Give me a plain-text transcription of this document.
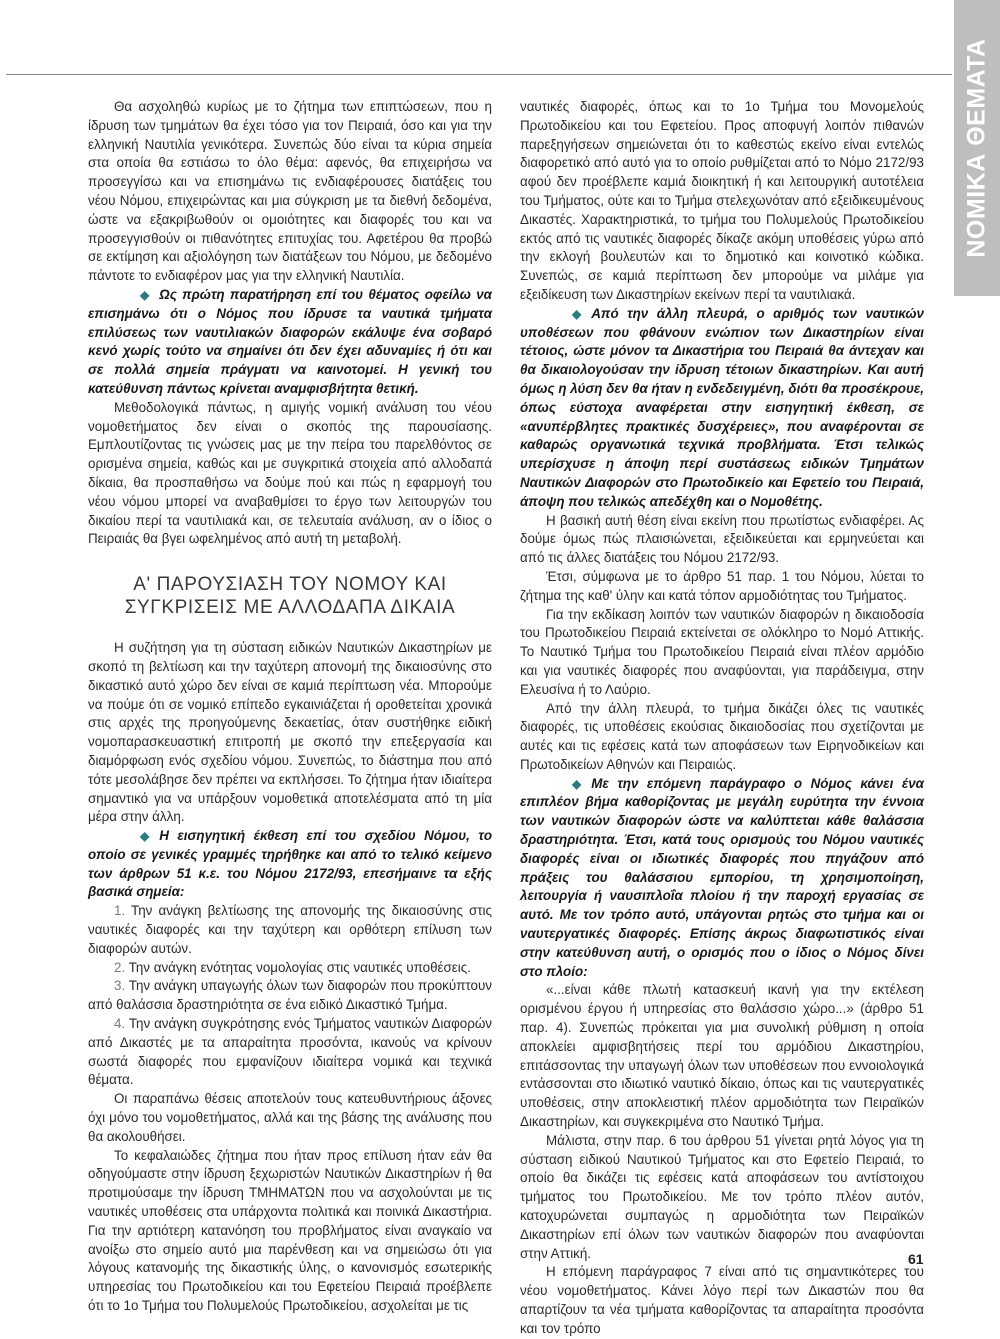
ΝΟΜΙΚΑ ΘΕΜΑΤΑ

Θα ασχοληθώ κυρίως με το ζήτημα των επιπτώσεων, που η ίδρυση των τμημάτων θα έχει τόσο για τον Πειραιά, όσο και για την ελληνική Ναυτιλία γενικότερα. Συνεπώς δύο είναι τα κύρια σημεία στα οποία θα εστιάσω το όλο θέμα: αφενός, θα επιχειρήσω να προσεγγίσω και να επισημάνω τις ενδιαφέρουσες διατάξεις του νέου Νόμου, επιχειρώντας και μια σύγκριση με τα διεθνή δεδομένα, ώστε να εξακριβωθούν οι ομοιότητες και διαφορές του και να προσεγγισθούν οι πιθανότητες επιτυχίας του. Αφετέρου θα προβώ σε εκτίμηση και αξιολόγηση των διατάξεων του Νόμου, με δεδομένο πάντοτε το ενδιαφέρον μας για την ελληνική Ναυτιλία.

◆ Ως πρώτη παρατήρηση επί του θέματος οφείλω να επισημάνω ότι ο Νόμος που ίδρυσε τα ναυτικά τμήματα επιλύσεως των ναυτιλιακών διαφορών εκάλυψε ένα σοβαρό κενό χωρίς τούτο να σημαίνει ότι δεν έχει αδυναμίες ή ότι και σε πολλά σημεία πράγματι να καινοτομεί. Η γενική του κατεύθυνση πάντως κρίνεται αναμφισβήτητα θετική.

Μεθοδολογικά πάντως, η αμιγής νομική ανάλυση του νέου νομοθετήματος δεν είναι ο σκοπός της παρουσίασης. Εμπλουτίζοντας τις γνώσεις μας με την πείρα του παρελθόντος σε ορισμένα σημεία, καθώς και με συγκριτικά στοιχεία από αλλοδαπά δίκαια, θα προσπαθήσω να δούμε πού και πώς η εφαρμογή του νέου νόμου μπορεί να αναβαθμίσει το έργο των λειτουργών του δικαίου περί τα ναυτιλιακά και, σε τελευταία ανάλυση, αν ο ίδιος ο Πειραιάς θα βγει ωφελημένος από αυτή τη μεταβολή.

Α' ΠΑΡΟΥΣΙΑΣΗ ΤΟΥ ΝΟΜΟΥ ΚΑΙ
ΣΥΓΚΡΙΣΕΙΣ ΜΕ ΑΛΛΟΔΑΠΑ ΔΙΚΑΙΑ

Η συζήτηση για τη σύσταση ειδικών Ναυτικών Δικαστηρίων με σκοπό τη βελτίωση και την ταχύτερη απονομή της δικαιοσύνης στο δικαστικό αυτό χώρο δεν είναι σε καμιά περίπτωση νέα. Μπορούμε να πούμε ότι σε νομικό επίπεδο εγκαινιάζεται ή οροθετείται χρονικά στις αρχές της προηγούμενης δεκαετίας, όταν συστήθηκε ειδική νομοπαρασκευαστική επιτροπή με σκοπό την επεξεργασία και διαμόρφωση ενός σχεδίου νόμου. Συνεπώς, το διάστημα που από τότε μεσολάβησε δεν πρέπει να εκπλήσσει. Το ζήτημα ήταν ιδιαίτερα σημαντικό για να υπάρξουν νομοθετικά αποτελέσματα από τη μία μέρα στην άλλη.

◆ Η εισηγητική έκθεση επί του σχεδίου Νόμου, το οποίο σε γενικές γραμμές τηρήθηκε και από το τελικό κείμενο των άρθρων 51 κ.ε. του Νόμου 2172/93, επεσήμαινε τα εξής βασικά σημεία:

1. Την ανάγκη βελτίωσης της απονομής της δικαιοσύνης στις ναυτικές διαφορές και την ταχύτερη και ορθότερη επίλυση των διαφορών αυτών.

2. Την ανάγκη ενότητας νομολογίας στις ναυτικές υποθέσεις.

3. Την ανάγκη υπαγωγής όλων των διαφορών που προκύπτουν από θαλάσσια δραστηριότητα σε ένα ειδικό Δικαστικό Τμήμα.

4. Την ανάγκη συγκρότησης ενός Τμήματος ναυτικών Διαφορών από Δικαστές με τα απαραίτητα προσόντα, ικανούς να κρίνουν σωστά διαφορές που εμφανίζουν ιδιαίτερα νομικά και τεχνικά θέματα.

Οι παραπάνω θέσεις αποτελούν τους κατευθυντήριους άξονες όχι μόνο του νομοθετήματος, αλλά και της βάσης της ανάλυσης που θα ακολουθήσει.

Το κεφαλαιώδες ζήτημα που ήταν προς επίλυση ήταν εάν θα οδηγούμαστε στην ίδρυση ξεχωριστών Ναυτικών Δικαστηρίων ή θα προτιμούσαμε την ίδρυση ΤΜΗΜΑΤΩΝ που να ασχολούνται με τις ναυτικές υποθέσεις στα υπάρχοντα πολιτικά και ποινικά Δικαστήρια. Για την αρτιότερη κατανόηση του προβλήματος είναι αναγκαίο να ανοίξω στο σημείο αυτό μια παρένθεση και να σημειώσω ότι για λόγους κατανομής της δικαστικής ύλης, ο κανονισμός εσωτερικής υπηρεσίας του Πρωτοδικείου και του Εφετείου Πειραιά προέβλεπε ότι το 1ο Τμήμα του Πολυμελούς Πρωτοδικείου, ασχολείται με τις

ναυτικές διαφορές, όπως και το 1ο Τμήμα του Μονομελούς Πρωτοδικείου και του Εφετείου. Προς αποφυγή λοιπόν πιθανών παρεξηγήσεων σημειώνεται ότι το καθεστώς εκείνο είναι εντελώς διαφορετικό από αυτό για το οποίο ρυθμίζεται από το Νόμο 2172/93 αφού δεν προέβλεπε καμιά διοικητική ή και λειτουργική αυτοτέλεια του Τμήματος, ούτε και το Τμήμα στελεχωνόταν από εξειδικευμένους Δικαστές. Χαρακτηριστικά, το τμήμα του Πολυμελούς Πρωτοδικείου εκτός από τις ναυτικές διαφορές δίκαζε ακόμη υποθέσεις γύρω από την εκλογή βουλευτών και το δημοτικό και κοινοτικό κώδικα. Συνεπώς, σε καμιά περίπτωση δεν μπορούμε να μιλάμε για εξειδίκευση των Δικαστηρίων εκείνων περί τα ναυτιλιακά.

◆ Από την άλλη πλευρά, ο αριθμός των ναυτικών υποθέσεων που φθάνουν ενώπιον των Δικαστηρίων είναι τέτοιος, ώστε μόνον τα Δικαστήρια του Πειραιά θα άντεχαν και θα δικαιολογούσαν την ίδρυση τέτοιων δικαστηρίων. Και αυτή όμως η λύση δεν θα ήταν η ενδεδειγμένη, διότι θα προσέκρουε, όπως εύστοχα αναφέρεται στην εισηγητική έκθεση, σε «ανυπέρβλητες πρακτικές δυσχέρειες», που αναφέρονται σε καθαρώς οργανωτικά τεχνικά προβλήματα. Έτσι τελικώς υπερίσχυσε η άποψη περί συστάσεως ειδικών Τμημάτων Ναυτικών Διαφορών στο Πρωτοδικείο και Εφετείο του Πειραιά, άποψη που τελικώς απεδέχθη και ο Νομοθέτης.

Η βασική αυτή θέση είναι εκείνη που πρωτίστως ενδιαφέρει. Ας δούμε όμως πώς πλαισιώνεται, εξειδικεύεται και ερμηνεύεται και από τις άλλες διατάξεις του Νόμου 2172/93.

Έτσι, σύμφωνα με το άρθρο 51 παρ. 1 του Νόμου, λύεται το ζήτημα της καθ' ύλην και κατά τόπον αρμοδιότητας του Τμήματος.

Για την εκδίκαση λοιπόν των ναυτικών διαφορών η δικαιοδοσία του Πρωτοδικείου Πειραιά εκτείνεται σε ολόκληρο το Νομό Αττικής. Το Ναυτικό Τμήμα του Πρωτοδικείου Πειραιά είναι πλέον αρμόδιο και για ναυτικές διαφορές που αναφύονται, για παράδειγμα, στην Ελευσίνα ή το Λαύριο.

Από την άλλη πλευρά, το τμήμα δικάζει όλες τις ναυτικές διαφορές, τις υποθέσεις εκούσιας δικαιοδοσίας που σχετίζονται με αυτές και τις εφέσεις κατά των αποφάσεων των Ειρηνοδικείων και Πρωτοδικείων Αθηνών και Πειραιώς.

◆ Με την επόμενη παράγραφο ο Νόμος κάνει ένα επιπλέον βήμα καθορίζοντας με μεγάλη ευρύτητα την έννοια των ναυτικών διαφορών ώστε να καλύπτεται κάθε θαλάσσια δραστηριότητα. Έτσι, κατά τους ορισμούς του Νόμου ναυτικές διαφορές είναι οι ιδιωτικές διαφορές που πηγάζουν από πράξεις του θαλάσσιου εμπορίου, τη χρησιμοποίηση, λειτουργία ή ναυσιπλοΐα πλοίου ή την παροχή εργασίας σε αυτό. Με τον τρόπο αυτό, υπάγονται ρητώς στο τμήμα και οι ναυτεργατικές διαφορές. Επίσης άκρως διαφωτιστικός είναι στην κατεύθυνση αυτή, ο ορισμός που ο ίδιος ο Νόμος δίνει στο πλοίο:

«...είναι κάθε πλωτή κατασκευή ικανή για την εκτέλεση ορισμένου έργου ή υπηρεσίας στο θαλάσσιο χώρο...» (άρθρο 51 παρ. 4). Συνεπώς πρόκειται για μια συνολική ρύθμιση η οποία αποκλείει αμφισβητήσεις περί του αρμόδιου Δικαστηρίου, επιτάσσοντας την υπαγωγή όλων των υποθέσεων που εννοιολογικά εντάσσονται στο ιδιωτικό ναυτικό δίκαιο, όπως και τις ναυτεργατικές υποθέσεις, στην αποκλειστική πλέον αρμοδιότητα των Πειραϊκών Δικαστηρίων, και συγκεκριμένα στο Ναυτικό Τμήμα.

Μάλιστα, στην παρ. 6 του άρθρου 51 γίνεται ρητά λόγος για τη σύσταση ειδικού Ναυτικού Τμήματος και στο Εφετείο Πειραιά, το οποίο θα δικάζει τις εφέσεις κατά αποφάσεων του αντίστοιχου τμήματος του Πρωτοδικείου. Με τον τρόπο πλέον αυτόν, κατοχυρώνεται συμπαγώς η αρμοδιότητα των Πειραϊκών Δικαστηρίων επί όλων των ναυτικών διαφορών που αναφύονται στην Αττική.

Η επόμενη παράγραφος 7 είναι από τις σημαντικότερες του νέου νομοθετήματος. Κάνει λόγο περί των Δικαστών που θα απαρτίζουν τα νέα τμήματα καθορίζοντας τα απαραίτητα προσόντα και τον τρόπο

61
